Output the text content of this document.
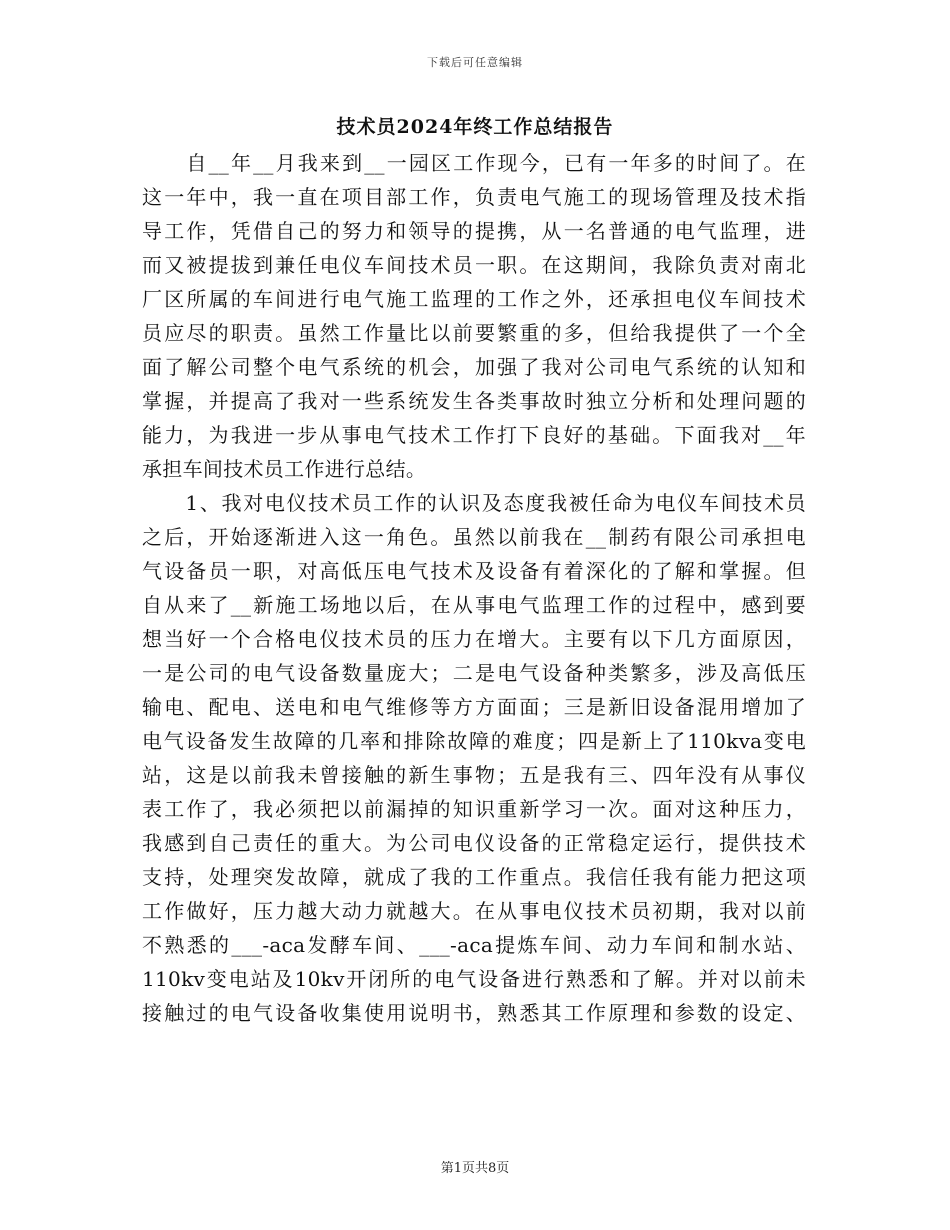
下载后可任意编辑
技术员2024年终工作总结报告
　　自__年__月我来到__一园区工作现今，已有一年多的时间了。在
这一年中，我一直在项目部工作，负责电气施工的现场管理及技术指
导工作，凭借自己的努力和领导的提携，从一名普通的电气监理，进
而又被提拔到兼任电仪车间技术员一职。在这期间，我除负责对南北
厂区所属的车间进行电气施工监理的工作之外，还承担电仪车间技术
员应尽的职责。虽然工作量比以前要繁重的多，但给我提供了一个全
面了解公司整个电气系统的机会，加强了我对公司电气系统的认知和
掌握，并提高了我对一些系统发生各类事故时独立分析和处理问题的
能力，为我进一步从事电气技术工作打下良好的基础。下面我对__年
承担车间技术员工作进行总结。
　　1、我对电仪技术员工作的认识及态度我被任命为电仪车间技术员
之后，开始逐渐进入这一角色。虽然以前我在__制药有限公司承担电
气设备员一职，对高低压电气技术及设备有着深化的了解和掌握。但
自从来了__新施工场地以后，在从事电气监理工作的过程中，感到要
想当好一个合格电仪技术员的压力在增大。主要有以下几方面原因，
一是公司的电气设备数量庞大；二是电气设备种类繁多，涉及高低压
输电、配电、送电和电气维修等方方面面；三是新旧设备混用增加了
电气设备发生故障的几率和排除故障的难度；四是新上了110kva变电
站，这是以前我未曾接触的新生事物；五是我有三、四年没有从事仪
表工作了，我必须把以前漏掉的知识重新学习一次。面对这种压力，
我感到自己责任的重大。为公司电仪设备的正常稳定运行，提供技术
支持，处理突发故障，就成了我的工作重点。我信任我有能力把这项
工作做好，压力越大动力就越大。在从事电仪技术员初期，我对以前
不熟悉的___-aca发酵车间、___-aca提炼车间、动力车间和制水站、
110kv变电站及10kv开闭所的电气设备进行熟悉和了解。并对以前未
接触过的电气设备收集使用说明书，熟悉其工作原理和参数的设定、
第1页共8页
